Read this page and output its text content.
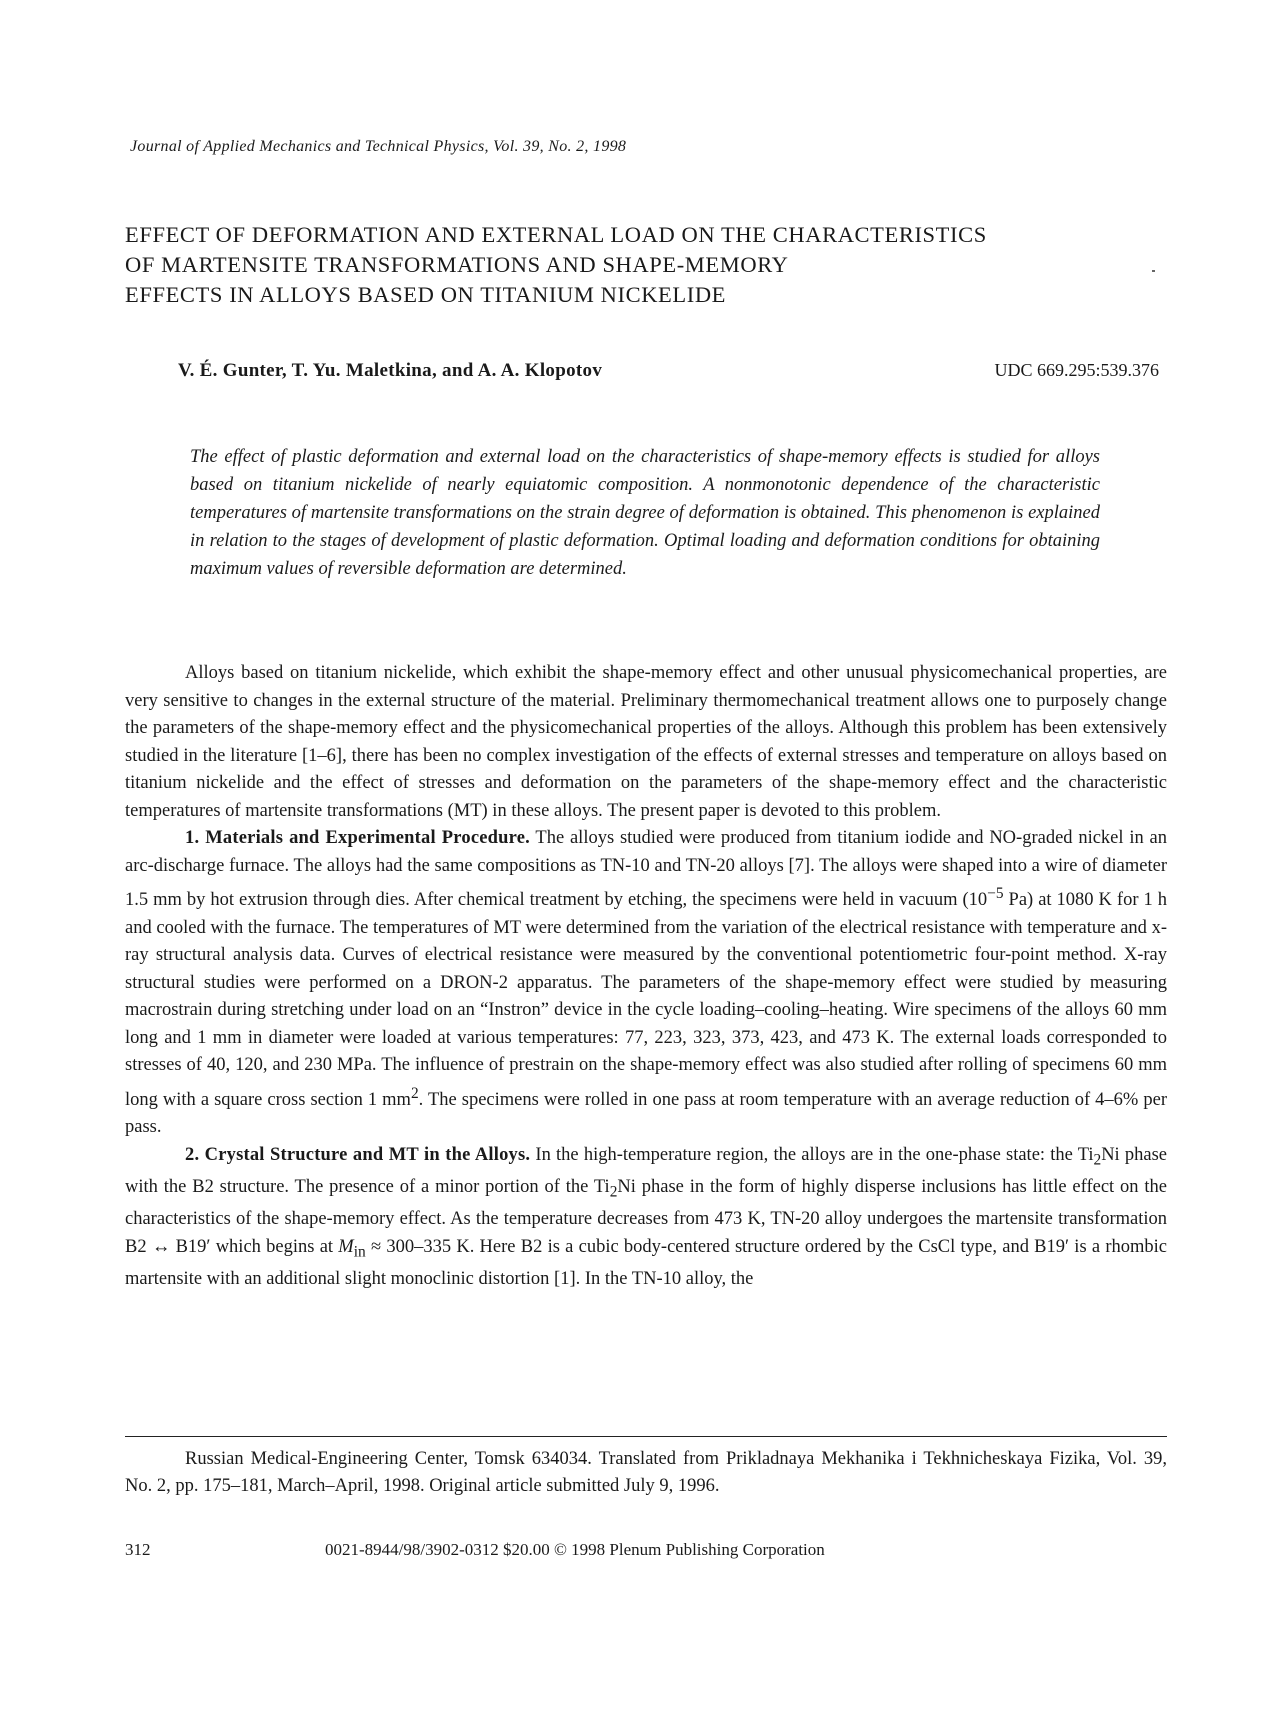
Journal of Applied Mechanics and Technical Physics, Vol. 39, No. 2, 1998
EFFECT OF DEFORMATION AND EXTERNAL LOAD ON THE CHARACTERISTICS
OF MARTENSITE TRANSFORMATIONS AND SHAPE-MEMORY
EFFECTS IN ALLOYS BASED ON TITANIUM NICKELIDE
V. É. Gunter, T. Yu. Maletkina, and A. A. Klopotov	UDC 669.295:539.376

The effect of plastic deformation and external load on the characteristics of shape-memory effects is studied for alloys based on titanium nickelide of nearly equiatomic composition. A nonmonotonic dependence of the characteristic temperatures of martensite transformations on the strain degree of deformation is obtained. This phenomenon is explained in relation to the stages of development of plastic deformation. Optimal loading and deformation conditions for obtaining maximum values of reversible deformation are determined.

Alloys based on titanium nickelide, which exhibit the shape-memory effect and other unusual physicomechanical properties, are very sensitive to changes in the external structure of the material. Preliminary thermomechanical treatment allows one to purposely change the parameters of the shape-memory effect and the physicomechanical properties of the alloys. Although this problem has been extensively studied in the literature [1–6], there has been no complex investigation of the effects of external stresses and temperature on alloys based on titanium nickelide and the effect of stresses and deformation on the parameters of the shape-memory effect and the characteristic temperatures of martensite transformations (MT) in these alloys. The present paper is devoted to this problem.

1. Materials and Experimental Procedure. The alloys studied were produced from titanium iodide and NO-graded nickel in an arc-discharge furnace. The alloys had the same compositions as TN-10 and TN-20 alloys [7]. The alloys were shaped into a wire of diameter 1.5 mm by hot extrusion through dies. After chemical treatment by etching, the specimens were held in vacuum ($10^{-5}$ Pa) at 1080 K for 1 h and cooled with the furnace. The temperatures of MT were determined from the variation of the electrical resistance with temperature and x-ray structural analysis data. Curves of electrical resistance were measured by the conventional potentiometric four-point method. X-ray structural studies were performed on a DRON-2 apparatus. The parameters of the shape-memory effect were studied by measuring macrostrain during stretching under load on an “Instron” device in the cycle loading–cooling–heating. Wire specimens of the alloys 60 mm long and 1 mm in diameter were loaded at various temperatures: 77, 223, 323, 373, 423, and 473 K. The external loads corresponded to stresses of 40, 120, and 230 MPa. The influence of prestrain on the shape-memory effect was also studied after rolling of specimens 60 mm long with a square cross section 1 $mm^2$. The specimens were rolled in one pass at room temperature with an average reduction of 4–6% per pass.

2. Crystal Structure and MT in the Alloys. In the high-temperature region, the alloys are in the one-phase state: the $Ti_2Ni$ phase with the B2 structure. The presence of a minor portion of the $Ti_2Ni$ phase in the form of highly disperse inclusions has little effect on the characteristics of the shape-memory effect. As the temperature decreases from 473 K, TN-20 alloy undergoes the martensite transformation B2 ↔ B19′ which begins at $M_{in} \approx 300-335$ K. Here B2 is a cubic body-centered structure ordered by the CsCl type, and B19′ is a rhombic martensite with an additional slight monoclinic distortion [1]. In the TN-10 alloy, the

Russian Medical-Engineering Center, Tomsk 634034. Translated from Prikladnaya Mekhanika i Tekhnicheskaya Fizika, Vol. 39, No. 2, pp. 175–181, March–April, 1998. Original article submitted July 9, 1996.

312	0021-8944/98/3902-0312 $20.00 © 1998 Plenum Publishing Corporation
